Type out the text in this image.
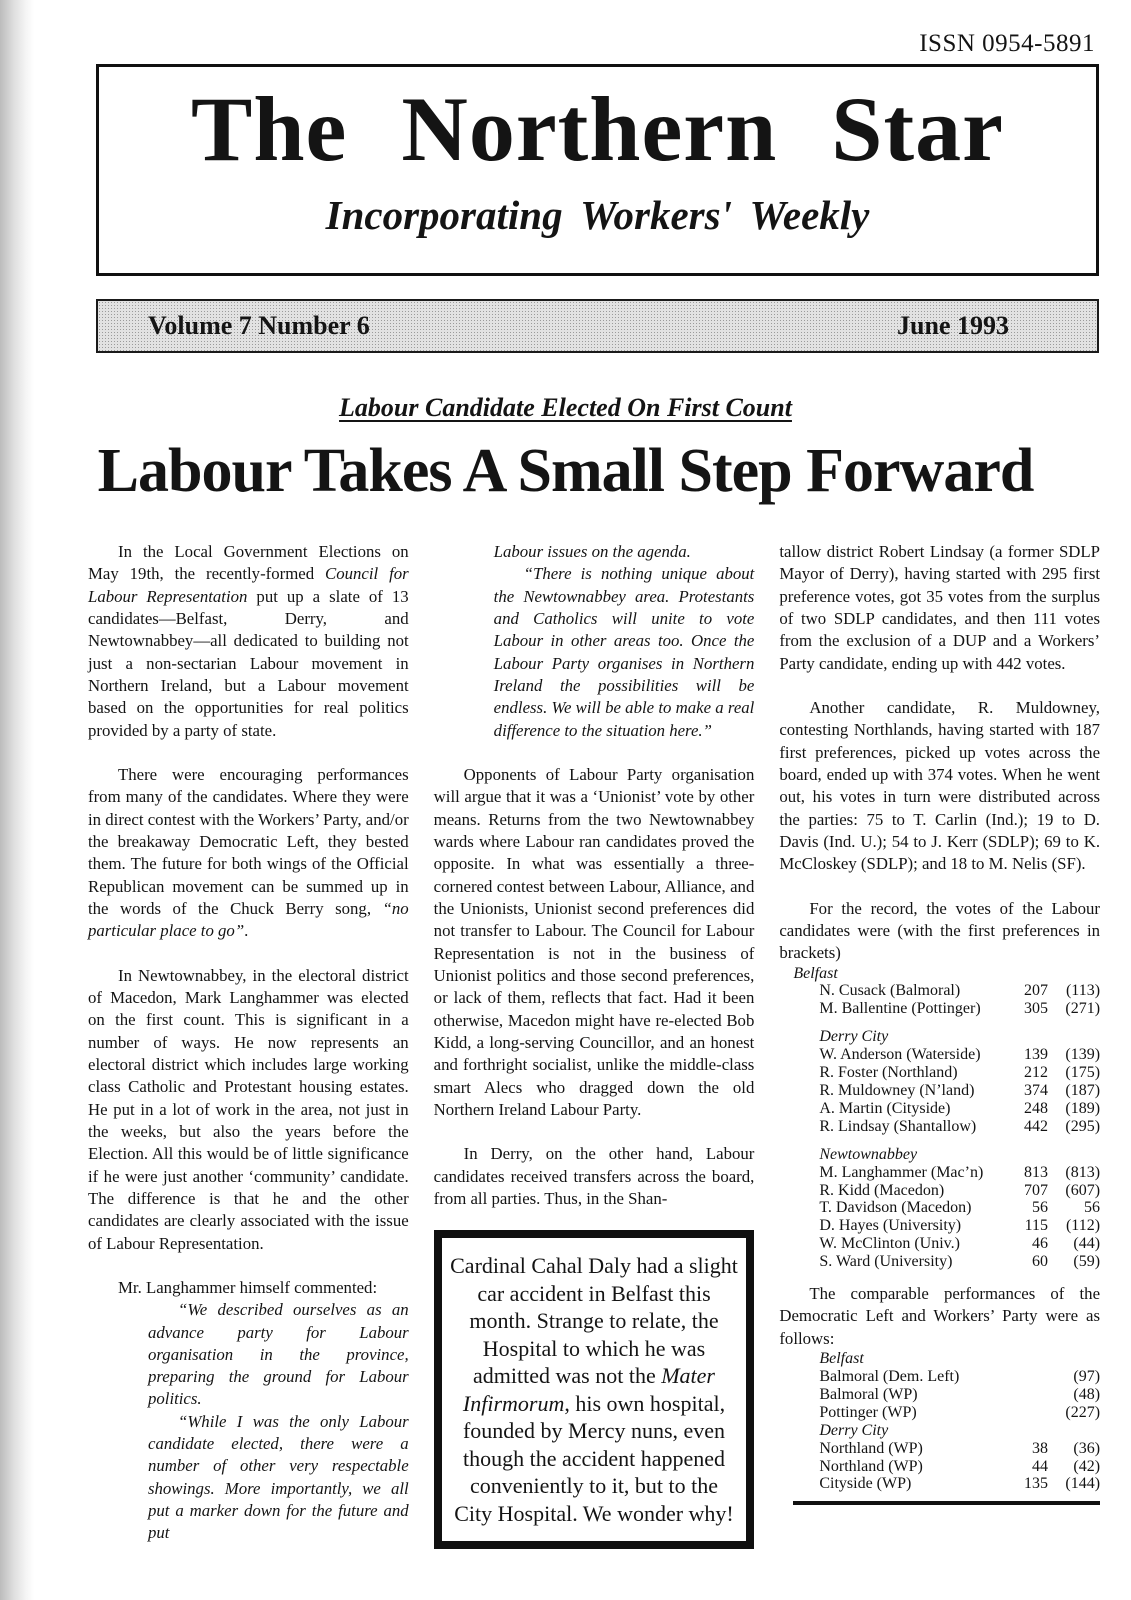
ISSN 0954-5891
The Northern Star
Incorporating Workers' Weekly
Volume 7 Number 6	June 1993
Labour Candidate Elected On First Count
Labour Takes A Small Step Forward

In the Local Government Elections on May 19th, the recently-formed Council for Labour Representation put up a slate of 13 candidates—Belfast, Derry, and Newtownabbey—all dedicated to building not just a non-sectarian Labour movement in Northern Ireland, but a Labour movement based on the opportunities for real politics provided by a party of state.

There were encouraging performances from many of the candidates. Where they were in direct contest with the Workers’ Party, and/or the breakaway Democratic Left, they bested them. The future for both wings of the Official Republican movement can be summed up in the words of the Chuck Berry song, “no particular place to go”.

In Newtownabbey, in the electoral district of Macedon, Mark Langhammer was elected on the first count. This is significant in a number of ways. He now represents an electoral district which includes large working class Catholic and Protestant housing estates. He put in a lot of work in the area, not just in the weeks, but also the years before the Election. All this would be of little significance if he were just another ‘community’ candidate. The difference is that he and the other candidates are clearly associated with the issue of Labour Representation.

Mr. Langhammer himself commented:

“We described ourselves as an advance party for Labour organisation in the province, preparing the ground for Labour politics.

“While I was the only Labour candidate elected, there were a number of other very respectable showings. More importantly, we all put a marker down for the future and put

Labour issues on the agenda.

“There is nothing unique about the Newtownabbey area. Protestants and Catholics will unite to vote Labour in other areas too. Once the Labour Party organises in Northern Ireland the possibilities will be endless. We will be able to make a real difference to the situation here.”

Opponents of Labour Party organisation will argue that it was a ‘Unionist’ vote by other means. Returns from the two Newtownabbey wards where Labour ran candidates proved the opposite. In what was essentially a three-cornered contest between Labour, Alliance, and the Unionists, Unionist second preferences did not transfer to Labour. The Council for Labour Representation is not in the business of Unionist politics and those second preferences, or lack of them, reflects that fact. Had it been otherwise, Macedon might have re-elected Bob Kidd, a long-serving Councillor, and an honest and forthright socialist, unlike the middle-class smart Alecs who dragged down the old Northern Ireland Labour Party.

In Derry, on the other hand, Labour candidates received transfers across the board, from all parties. Thus, in the Shan-

Cardinal Cahal Daly had a slight car accident in Belfast this month. Strange to relate, the Hospital to which he was admitted was not the Mater Infirmorum, his own hospital, founded by Mercy nuns, even though the accident happened conveniently to it, but to the City Hospital. We wonder why!

tallow district Robert Lindsay (a former SDLP Mayor of Derry), having started with 295 first preference votes, got 35 votes from the surplus of two SDLP candidates, and then 111 votes from the exclusion of a DUP and a Workers’ Party candidate, ending up with 442 votes.

Another candidate, R. Muldowney, contesting Northlands, having started with 187 first preferences, picked up votes across the board, ended up with 374 votes. When he went out, his votes in turn were distributed across the parties: 75 to T. Carlin (Ind.); 19 to D. Davis (Ind. U.); 54 to J. Kerr (SDLP); 69 to K. McCloskey (SDLP); and 18 to M. Nelis (SF).

For the record, the votes of the Labour candidates were (with the first preferences in brackets)

Belfast
N. Cusack (Balmoral)	207	(113)
M. Ballentine (Pottinger)	305	(271)
Derry City
W. Anderson (Waterside)	139	(139)
R. Foster (Northland)	212	(175)
R. Muldowney (N’land)	374	(187)
A. Martin (Cityside)	248	(189)
R. Lindsay (Shantallow)	442	(295)
Newtownabbey
M. Langhammer (Mac’n)	813	(813)
R. Kidd (Macedon)	707	(607)
T. Davidson (Macedon)	56	56
D. Hayes (University)	115	(112)
W. McClinton (Univ.)	46	(44)
S. Ward (University)	60	(59)

The comparable performances of the Democratic Left and Workers’ Party were as follows:

Belfast
Balmoral (Dem. Left)	(97)
Balmoral (WP)	(48)
Pottinger (WP)	(227)
Derry City
Northland (WP)	38	(36)
Northland (WP)	44	(42)
Cityside (WP)	135	(144)
